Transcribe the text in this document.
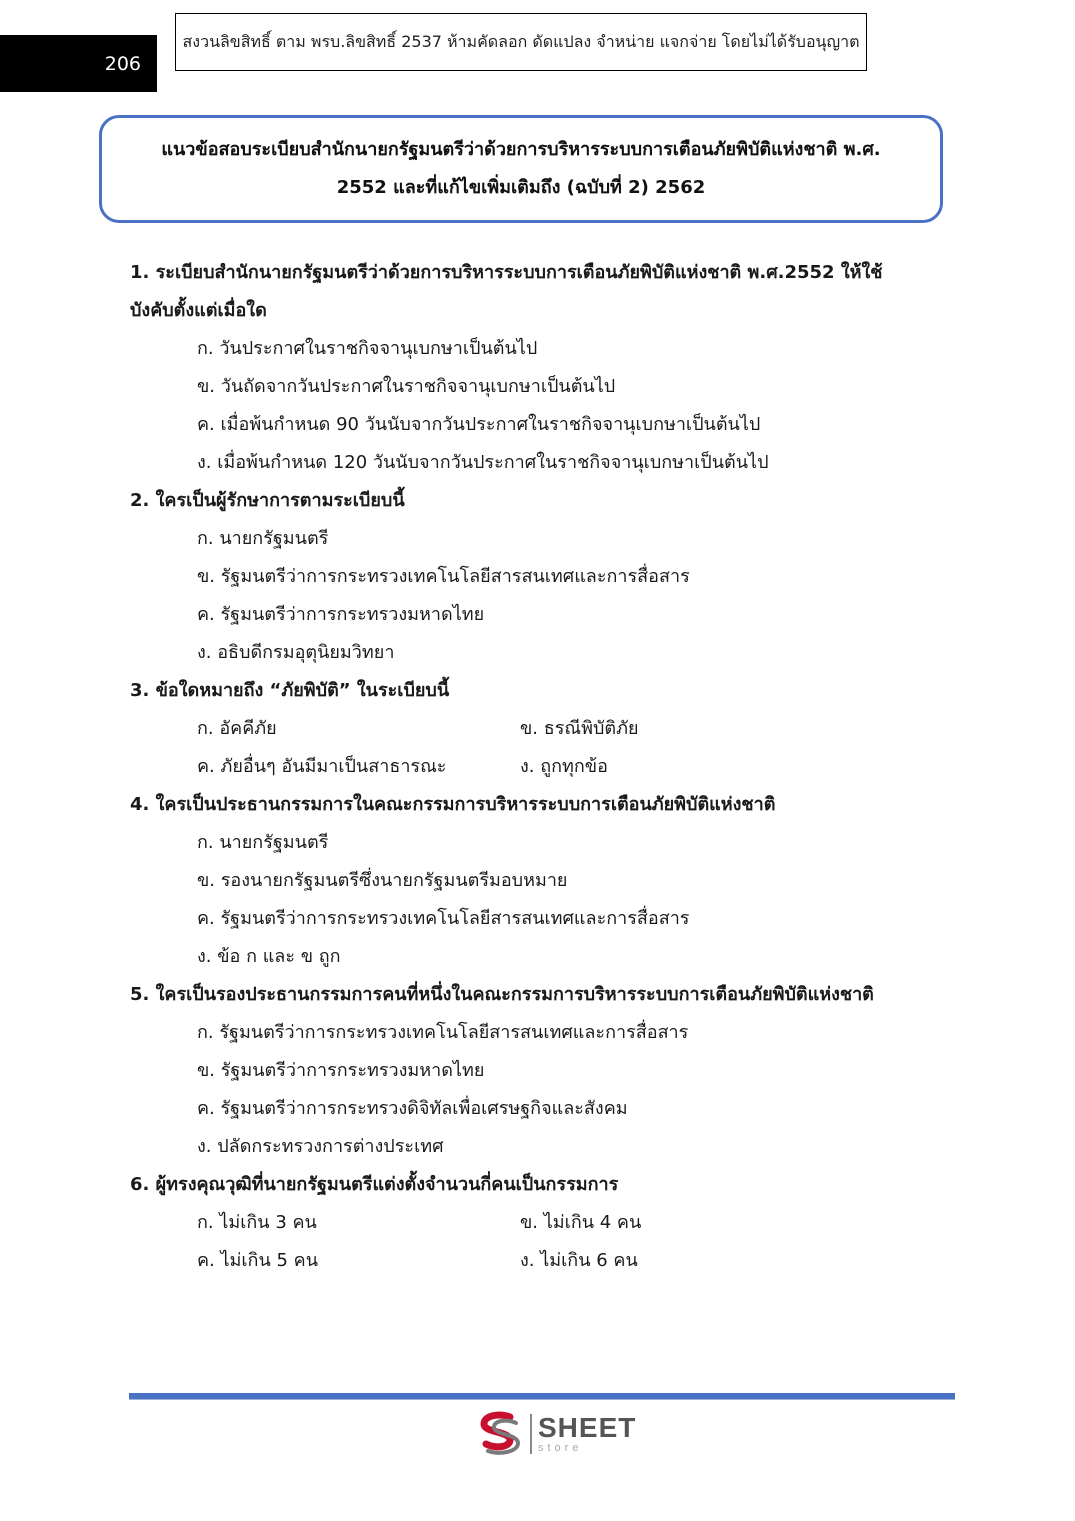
206
สงวนลิขสิทธิ์ ตาม พรบ.ลิขสิทธิ์ 2537 ห้ามคัดลอก ดัดแปลง จำหน่าย แจกจ่าย โดยไม่ได้รับอนุญาต
แนวข้อสอบระเบียบสำนักนายกรัฐมนตรีว่าด้วยการบริหารระบบการเตือนภัยพิบัติแห่งชาติ พ.ศ.
2552 และที่แก้ไขเพิ่มเติมถึง (ฉบับที่ 2) 2562
1. ระเบียบสำนักนายกรัฐมนตรีว่าด้วยการบริหารระบบการเตือนภัยพิบัติแห่งชาติ พ.ศ.2552 ให้ใช้
บังคับตั้งแต่เมื่อใด
ก. วันประกาศในราชกิจจานุเบกษาเป็นต้นไป
ข. วันถัดจากวันประกาศในราชกิจจานุเบกษาเป็นต้นไป
ค. เมื่อพ้นกำหนด 90 วันนับจากวันประกาศในราชกิจจานุเบกษาเป็นต้นไป
ง. เมื่อพ้นกำหนด 120 วันนับจากวันประกาศในราชกิจจานุเบกษาเป็นต้นไป
2. ใครเป็นผู้รักษาการตามระเบียบนี้
ก. นายกรัฐมนตรี
ข. รัฐมนตรีว่าการกระทรวงเทคโนโลยีสารสนเทศและการสื่อสาร
ค. รัฐมนตรีว่าการกระทรวงมหาดไทย
ง. อธิบดีกรมอุตุนิยมวิทยา
3. ข้อใดหมายถึง “ภัยพิบัติ” ในระเบียบนี้
ก. อัคคีภัย	ข. ธรณีพิบัติภัย
ค. ภัยอื่นๆ อันมีมาเป็นสาธารณะ	ง. ถูกทุกข้อ
4. ใครเป็นประธานกรรมการในคณะกรรมการบริหารระบบการเตือนภัยพิบัติแห่งชาติ
ก. นายกรัฐมนตรี
ข. รองนายกรัฐมนตรีซึ่งนายกรัฐมนตรีมอบหมาย
ค. รัฐมนตรีว่าการกระทรวงเทคโนโลยีสารสนเทศและการสื่อสาร
ง. ข้อ ก และ ข ถูก
5. ใครเป็นรองประธานกรรมการคนที่หนึ่งในคณะกรรมการบริหารระบบการเตือนภัยพิบัติแห่งชาติ
ก. รัฐมนตรีว่าการกระทรวงเทคโนโลยีสารสนเทศและการสื่อสาร
ข. รัฐมนตรีว่าการกระทรวงมหาดไทย
ค. รัฐมนตรีว่าการกระทรวงดิจิทัลเพื่อเศรษฐกิจและสังคม
ง. ปลัดกระทรวงการต่างประเทศ
6. ผู้ทรงคุณวุฒิที่นายกรัฐมนตรีแต่งตั้งจำนวนกี่คนเป็นกรรมการ
ก. ไม่เกิน 3 คน	ข. ไม่เกิน 4 คน
ค. ไม่เกิน 5 คน	ง. ไม่เกิน 6 คน
SHEET
store
